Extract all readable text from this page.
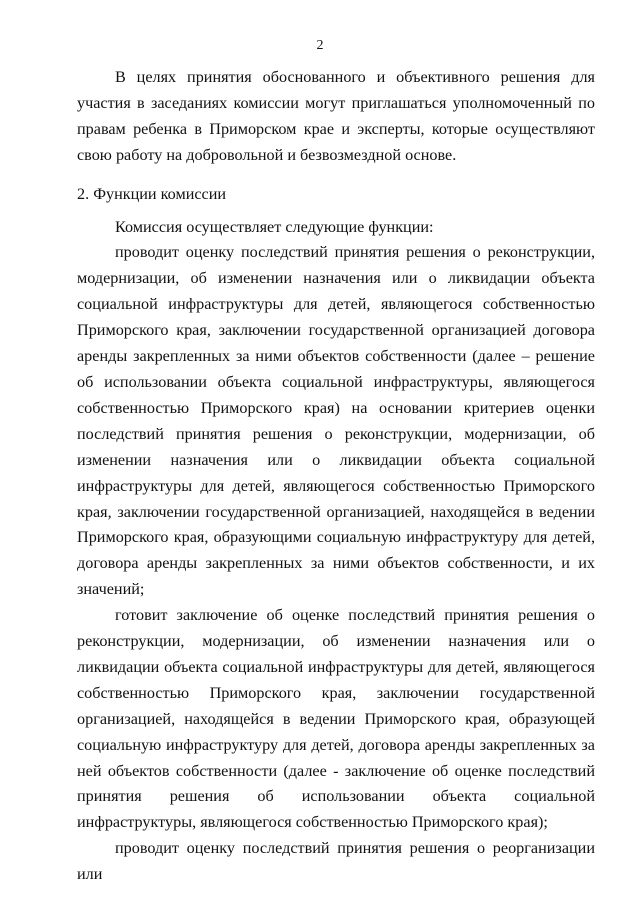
2

В целях принятия обоснованного и объективного решения для участия в заседаниях комиссии могут приглашаться уполномоченный по правам ребенка в Приморском крае и эксперты, которые осуществляют свою работу на добровольной и безвозмездной основе.

2. Функции комиссии

Комиссия осуществляет следующие функции:

проводит оценку последствий принятия решения о реконструкции, модернизации, об изменении назначения или о ликвидации объекта социальной инфраструктуры для детей, являющегося собственностью Приморского края, заключении государственной организацией договора аренды закрепленных за ними объектов собственности (далее – решение об использовании объекта социальной инфраструктуры, являющегося собственностью Приморского края) на основании критериев оценки последствий принятия решения о реконструкции, модернизации, об изменении назначения или о ликвидации объекта социальной инфраструктуры для детей, являющегося собственностью Приморского края, заключении государственной организацией, находящейся в ведении Приморского края, образующими социальную инфраструктуру для детей, договора аренды закрепленных за ними объектов собственности, и их значений;

готовит заключение об оценке последствий принятия решения о реконструкции, модернизации, об изменении назначения или о ликвидации объекта социальной инфраструктуры для детей, являющегося собственностью Приморского края, заключении государственной организацией, находящейся в ведении Приморского края, образующей социальную инфраструктуру для детей, договора аренды закрепленных за ней объектов собственности (далее - заключение об оценке последствий принятия решения об использовании объекта социальной инфраструктуры, являющегося собственностью Приморского края);

проводит оценку последствий принятия решения о реорганизации или
